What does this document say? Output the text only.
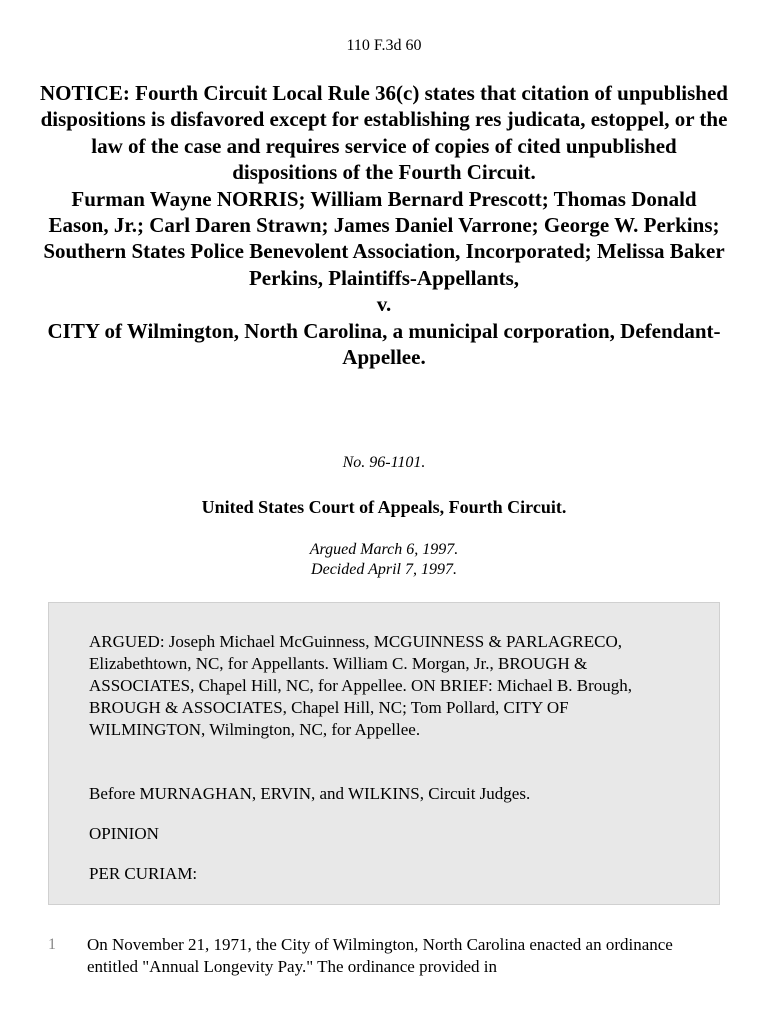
110 F.3d 60
NOTICE: Fourth Circuit Local Rule 36(c) states that citation of unpublished dispositions is disfavored except for establishing res judicata, estoppel, or the law of the case and requires service of copies of cited unpublished dispositions of the Fourth Circuit.
Furman Wayne NORRIS; William Bernard Prescott; Thomas Donald Eason, Jr.; Carl Daren Strawn; James Daniel Varrone; George W. Perkins; Southern States Police Benevolent Association, Incorporated; Melissa Baker Perkins, Plaintiffs-Appellants,
v.
CITY of Wilmington, North Carolina, a municipal corporation, Defendant-Appellee.
No. 96-1101.
United States Court of Appeals, Fourth Circuit.
Argued March 6, 1997.
Decided April 7, 1997.

ARGUED: Joseph Michael McGuinness, MCGUINNESS & PARLAGRECO, Elizabethtown, NC, for Appellants. William C. Morgan, Jr., BROUGH & ASSOCIATES, Chapel Hill, NC, for Appellee. ON BRIEF: Michael B. Brough, BROUGH & ASSOCIATES, Chapel Hill, NC; Tom Pollard, CITY OF WILMINGTON, Wilmington, NC, for Appellee.

Before MURNAGHAN, ERVIN, and WILKINS, Circuit Judges.

OPINION

PER CURIAM:

1 On November 21, 1971, the City of Wilmington, North Carolina enacted an ordinance entitled "Annual Longevity Pay." The ordinance provided in
